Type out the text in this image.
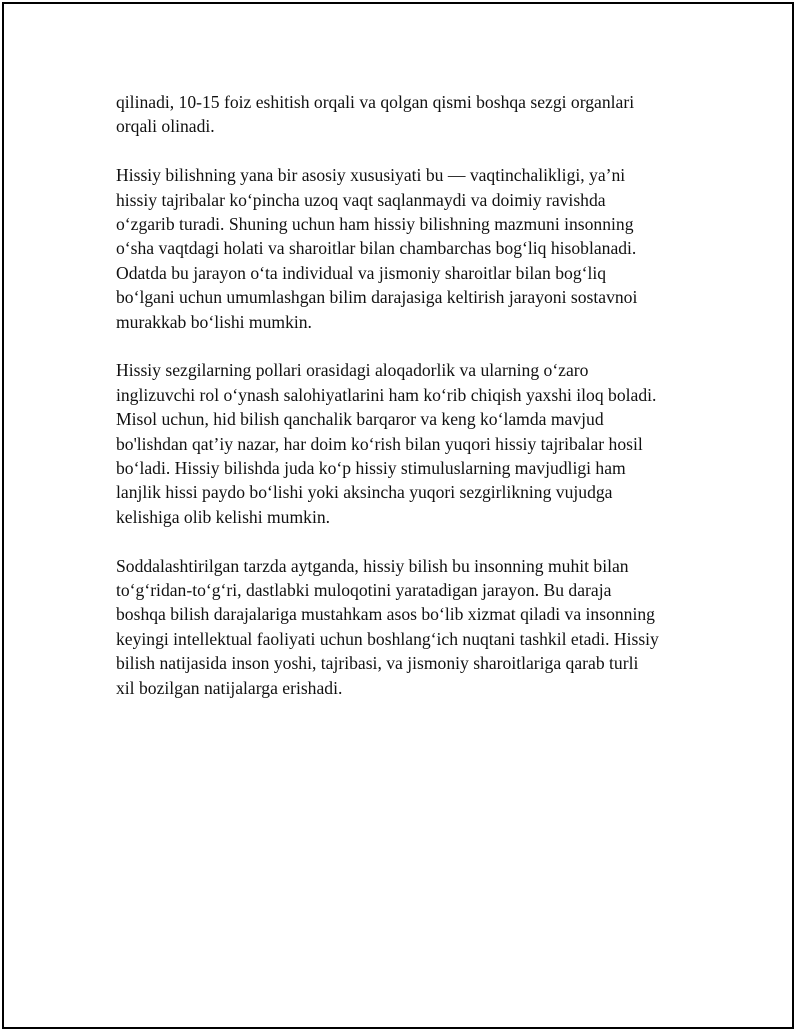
qilinadi, 10-15 foiz eshitish orqali va qolgan qismi boshqa sezgi organlari
orqali olinadi.

Hissiy bilishning yana bir asosiy xususiyati bu — vaqtinchalikligi, ya’ni
hissiy tajribalar ko‘pincha uzoq vaqt saqlanmaydi va doimiy ravishda
o‘zgarib turadi. Shuning uchun ham hissiy bilishning mazmuni insonning
o‘sha vaqtdagi holati va sharoitlar bilan chambarchas bog‘liq hisoblanadi.
Odatda bu jarayon o‘ta individual va jismoniy sharoitlar bilan bog‘liq
bo‘lgani uchun umumlashgan bilim darajasiga keltirish jarayoni sostavnoi
murakkab bo‘lishi mumkin.

Hissiy sezgilarning pollari orasidagi aloqadorlik va ularning o‘zaro
inglizuvchi rol o‘ynash salohiyatlarini ham ko‘rib chiqish yaxshi iloq boladi.
Misol uchun, hid bilish qanchalik barqaror va keng ko‘lamda mavjud
bo'lishdan qat’iy nazar, har doim ko‘rish bilan yuqori hissiy tajribalar hosil
bo‘ladi. Hissiy bilishda juda ko‘p hissiy stimuluslarning mavjudligi ham
lanjlik hissi paydo bo‘lishi yoki aksincha yuqori sezgirlikning vujudga
kelishiga olib kelishi mumkin.

Soddalashtirilgan tarzda aytganda, hissiy bilish bu insonning muhit bilan
to‘g‘ridan-to‘g‘ri, dastlabki muloqotini yaratadigan jarayon. Bu daraja
boshqa bilish darajalariga mustahkam asos bo‘lib xizmat qiladi va insonning
keyingi intellektual faoliyati uchun boshlang‘ich nuqtani tashkil etadi. Hissiy
bilish natijasida inson yoshi, tajribasi, va jismoniy sharoitlariga qarab turli
xil bozilgan natijalarga erishadi.
